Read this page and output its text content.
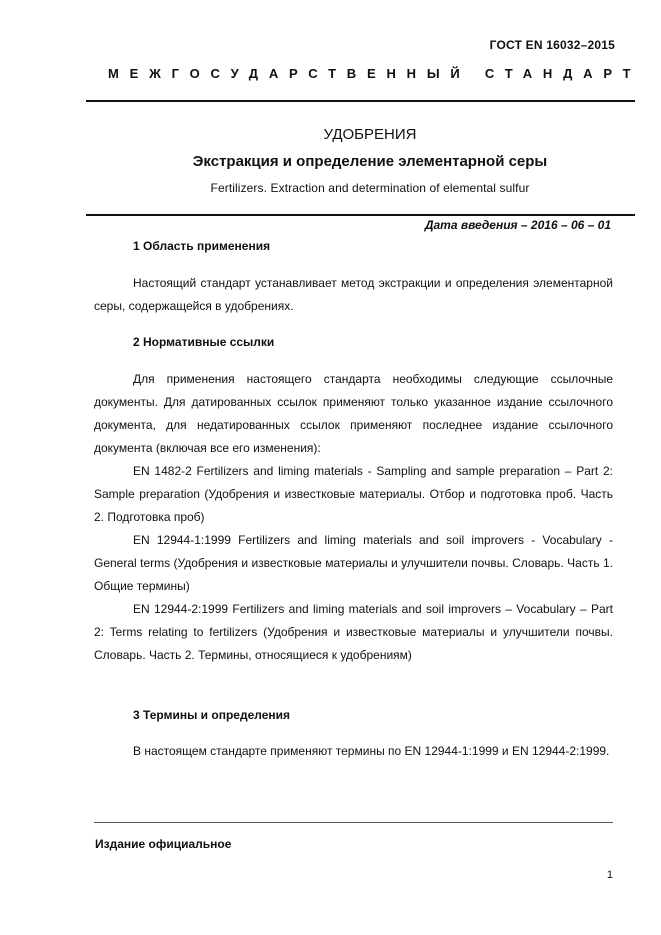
ГОСТ EN 16032–2015
МЕЖГОСУДАРСТВЕННЫЙ СТАНДАРТ
УДОБРЕНИЯ
Экстракция и определение элементарной серы
Fertilizers. Extraction and determination of elemental sulfur
Дата введения – 2016 – 06 – 01
1 Область применения
Настоящий стандарт устанавливает метод экстракции и определения элементарной серы, содержащейся в удобрениях.
2 Нормативные ссылки
Для применения настоящего стандарта необходимы следующие ссылочные документы. Для датированных ссылок применяют только указанное издание ссылочного документа, для недатированных ссылок применяют последнее издание ссылочного документа (включая все его изменения):
EN 1482-2 Fertilizers and liming materials - Sampling and sample preparation – Part 2: Sample preparation (Удобрения и известковые материалы. Отбор и подготовка проб. Часть 2. Подготовка проб)
EN 12944-1:1999 Fertilizers and liming materials and soil improvers - Vocabulary - General terms (Удобрения и известковые материалы и улучшители почвы. Словарь. Часть 1. Общие термины)
EN 12944-2:1999 Fertilizers and liming materials and soil improvers – Vocabulary – Part 2: Terms relating to fertilizers (Удобрения и известковые материалы и улучшители почвы. Словарь. Часть 2. Термины, относящиеся к удобрениям)
3 Термины и определения
В настоящем стандарте применяют термины по EN 12944-1:1999 и EN 12944-2:1999.
Издание официальное
1
